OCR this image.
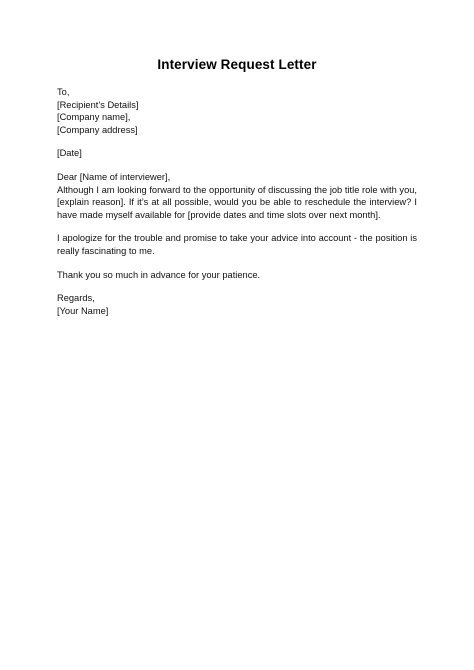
Interview Request Letter
To,
[Recipient’s Details]
[Company name],
[Company address]
[Date]
Dear [Name of interviewer],

Although I am looking forward to the opportunity of discussing the job title role with you, [explain reason]. If it’s at all possible, would you be able to reschedule the interview? I have made myself available for [provide dates and time slots over next month].

I apologize for the trouble and promise to take your advice into account - the position is really fascinating to me.

Thank you so much in advance for your patience.

Regards,
[Your Name]
